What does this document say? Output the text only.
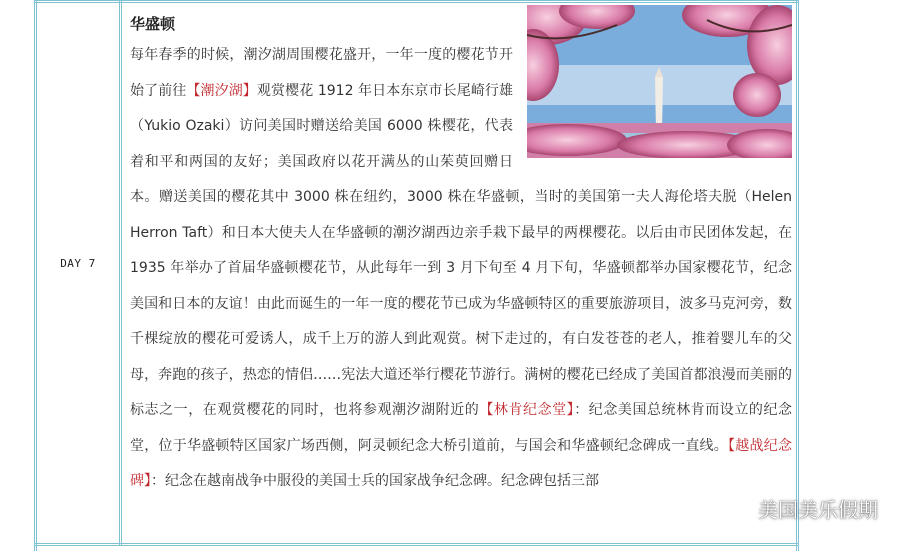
DAY 7
华盛顿

每年春季的时候，潮汐湖周围樱花盛开，一年一度的樱花节开始了前往【潮汐湖】观赏樱花 1912 年日本东京市长尾崎行雄（Yukio Ozaki）访问美国时赠送给美国 6000 株樱花，代表着和平和两国的友好；美国政府以花开满丛的山茱萸回赠日本。赠送美国的樱花其中 3000 株在纽约，3000 株在华盛顿，当时的美国第一夫人海伦塔夫脱（Helen Herron Taft）和日本大使夫人在华盛顿的潮汐湖西边亲手栽下最早的两棵樱花。以后由市民团体发起，在 1935 年举办了首届华盛顿樱花节，从此每年一到 3 月下旬至 4 月下旬，华盛顿都举办国家樱花节，纪念美国和日本的友谊！由此而诞生的一年一度的樱花节已成为华盛顿特区的重要旅游项目，波多马克河旁，数千棵绽放的樱花可爱诱人，成千上万的游人到此观赏。树下走过的，有白发苍苍的老人，推着婴儿车的父母，奔跑的孩子，热恋的情侣……宪法大道还举行樱花节游行。满树的樱花已经成了美国首都浪漫而美丽的标志之一，在观赏樱花的同时，也将参观潮汐湖附近的【林肯纪念堂】：纪念美国总统林肯而设立的纪念堂，位于华盛顿特区国家广场西侧，阿灵顿纪念大桥引道前，与国会和华盛顿纪念碑成一直线。【越战纪念碑】：纪念在越南战争中服役的美国士兵的国家战争纪念碑。纪念碑包括三部

美国美乐假期
